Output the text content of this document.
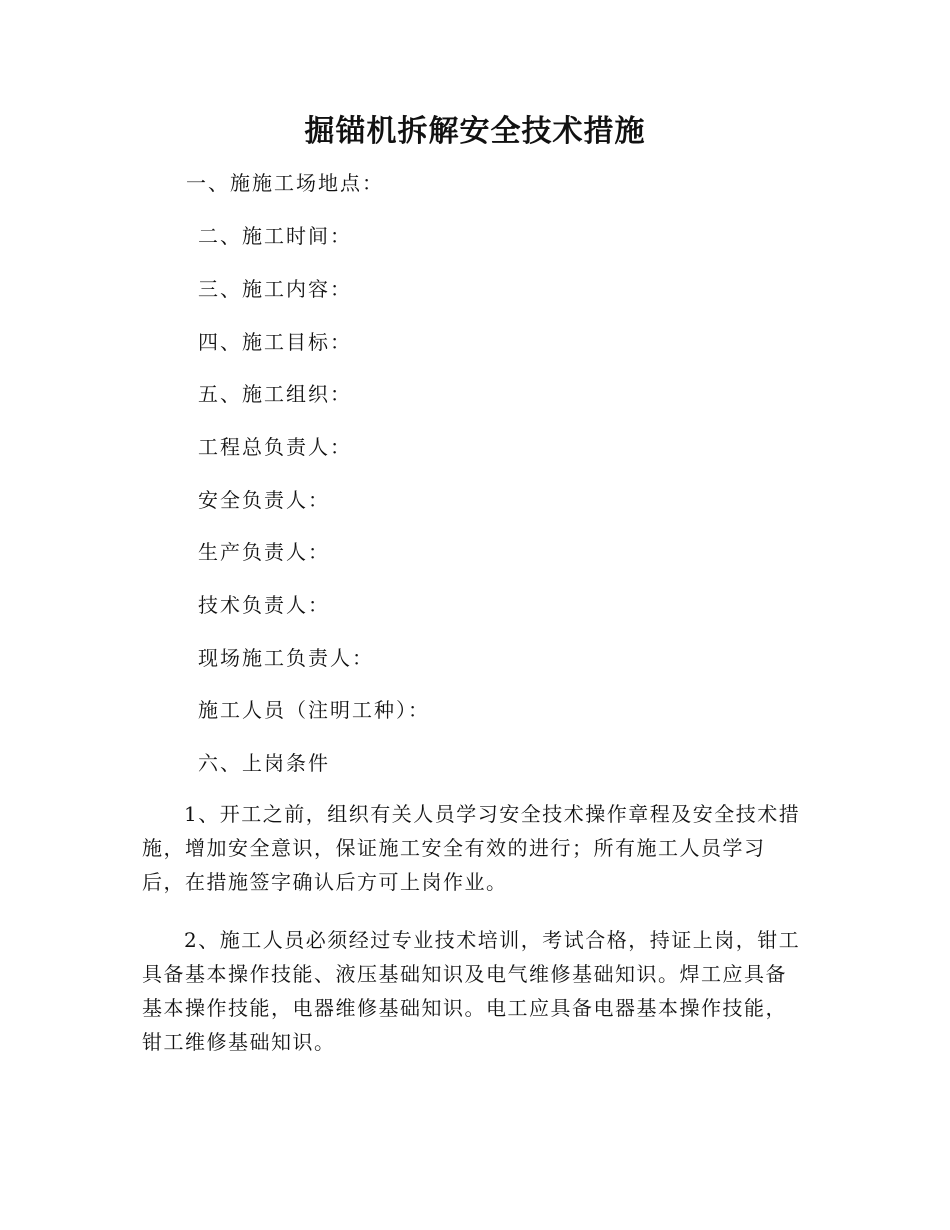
掘锚机拆解安全技术措施

一、施施工场地点：

二、施工时间：

三、施工内容：

四、施工目标：

五、施工组织：

工程总负责人：

安全负责人：

生产负责人：

技术负责人：

现场施工负责人：

施工人员（注明工种）：

六、上岗条件

1、开工之前，组织有关人员学习安全技术操作章程及安全技术措
施，增加安全意识，保证施工安全有效的进行；所有施工人员学习
后，在措施签字确认后方可上岗作业。
2、施工人员必须经过专业技术培训，考试合格，持证上岗，钳工
具备基本操作技能、液压基础知识及电气维修基础知识。焊工应具备
基本操作技能，电器维修基础知识。电工应具备电器基本操作技能，
钳工维修基础知识。
